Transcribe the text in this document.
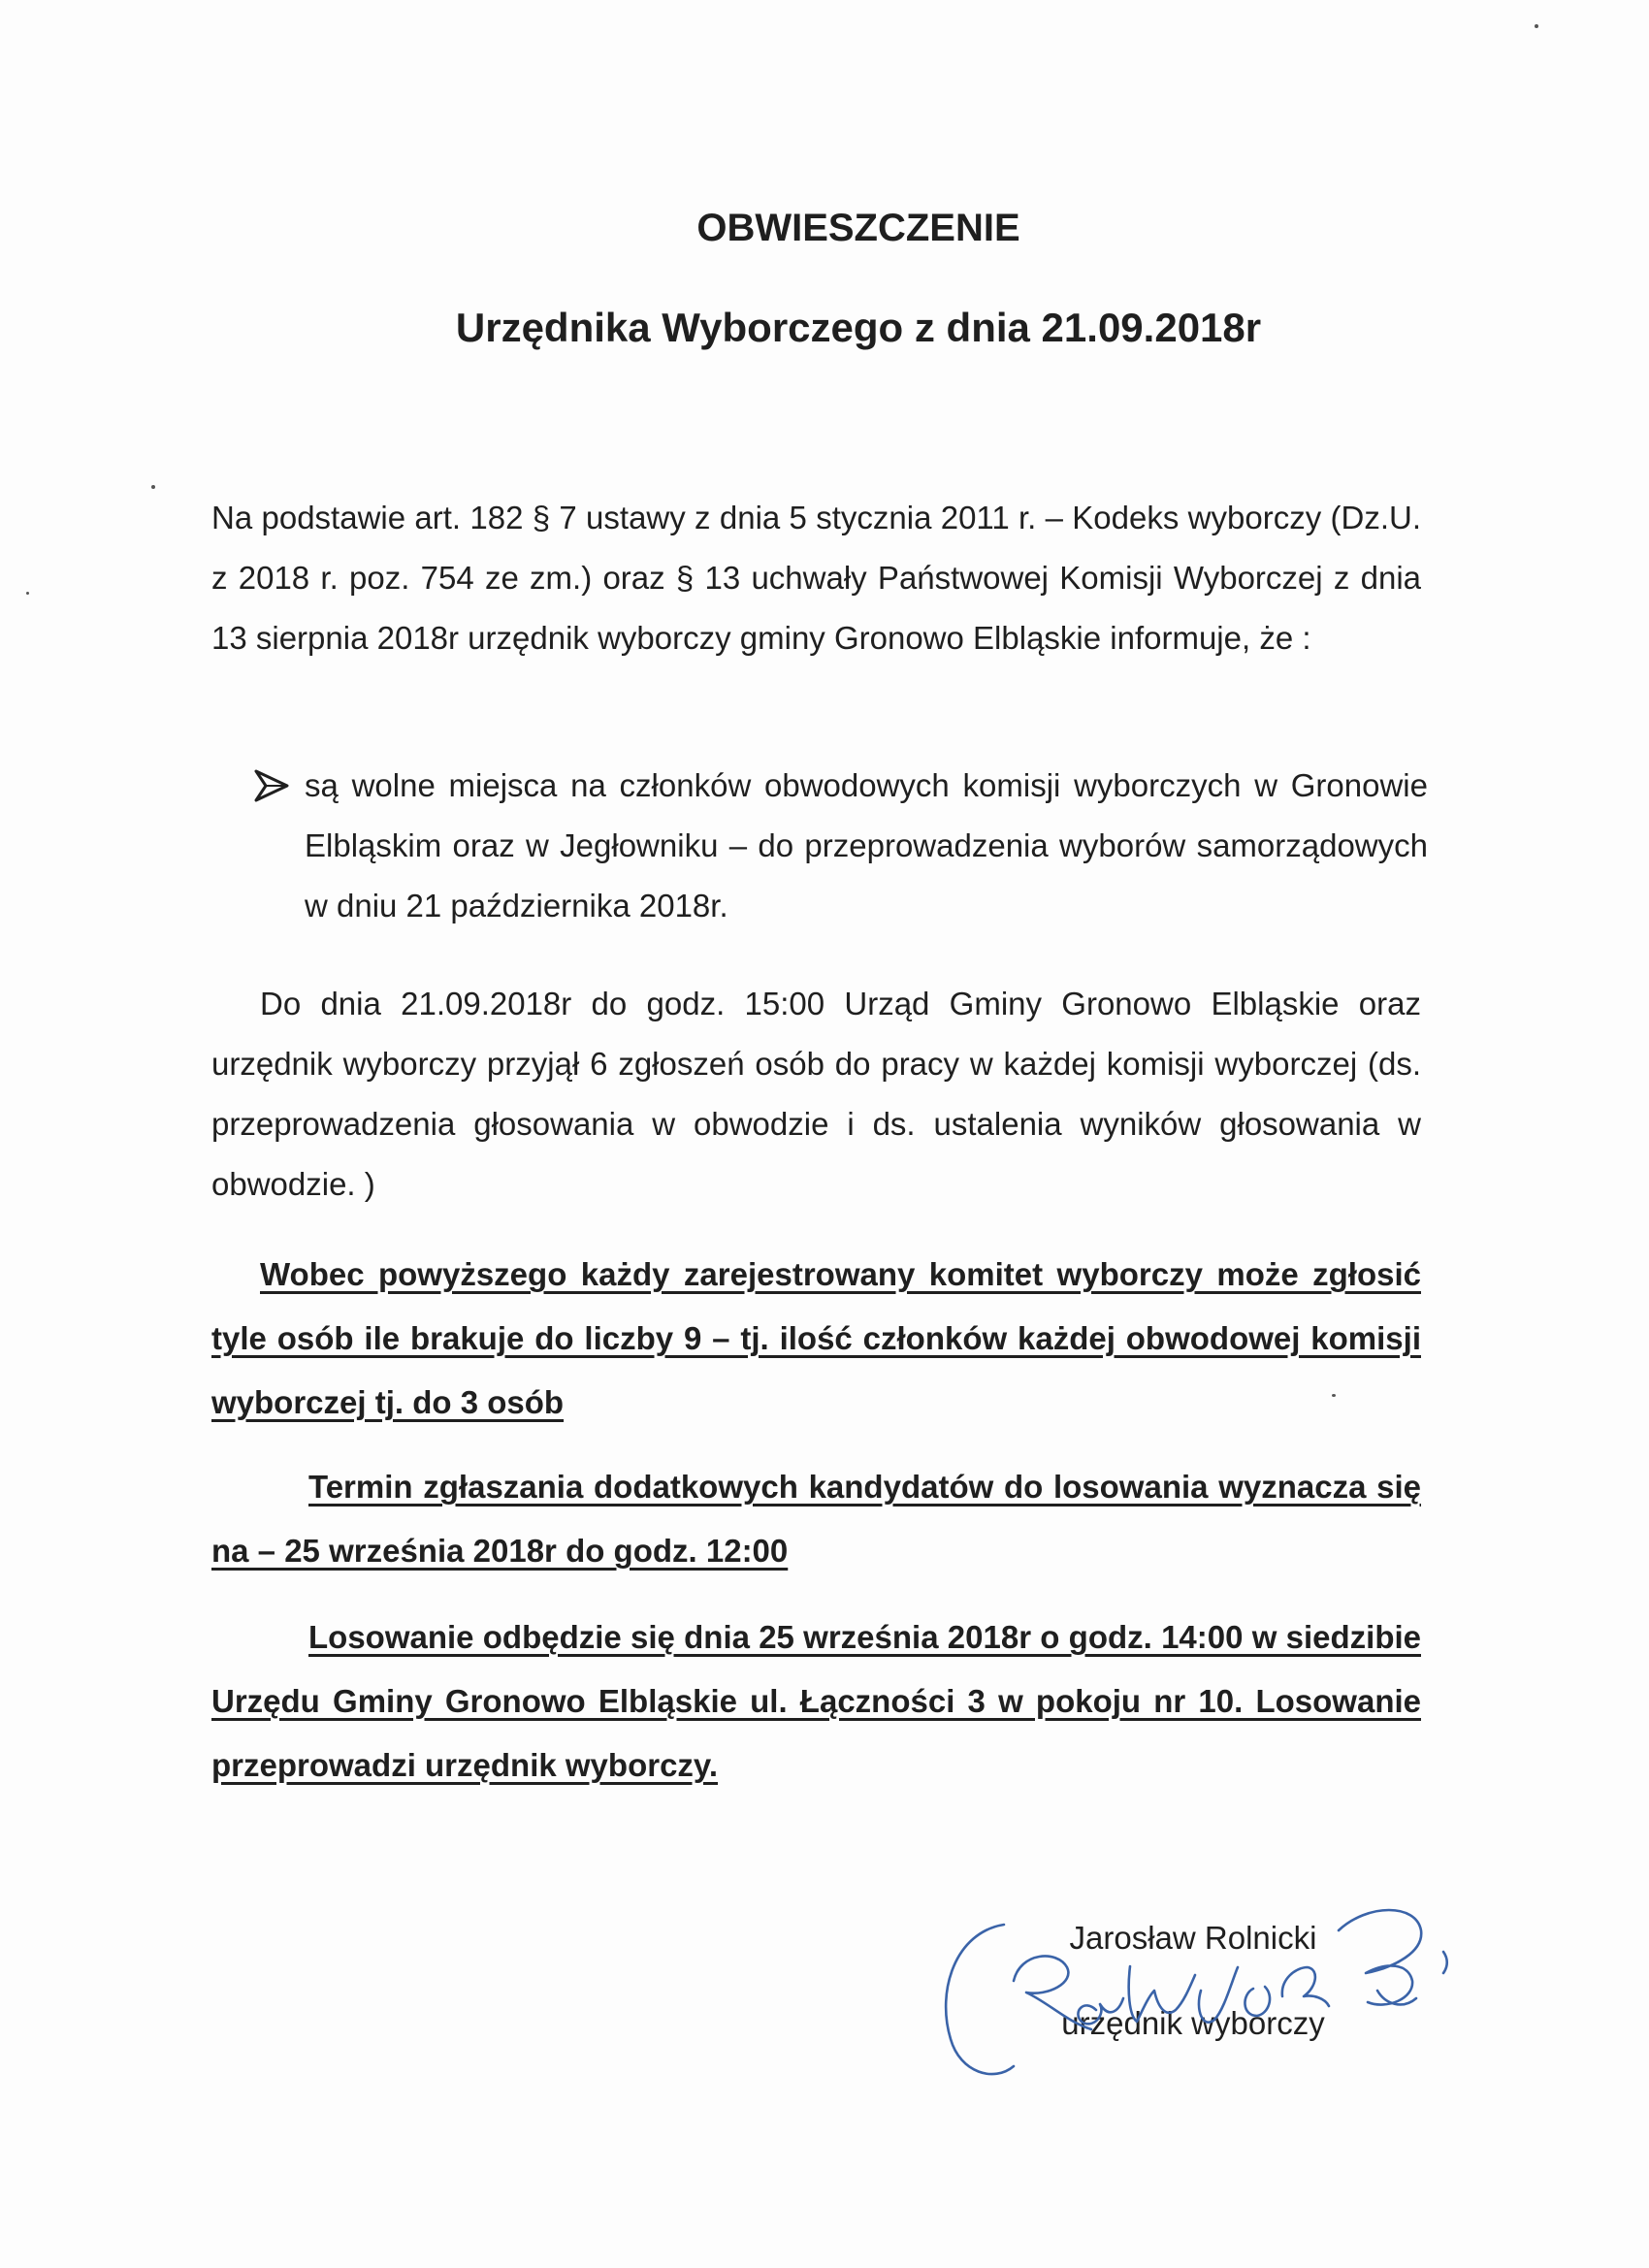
OBWIESZCZENIE
Urzędnika Wyborczego z dnia 21.09.2018r

Na podstawie art. 182 § 7 ustawy z dnia 5 stycznia 2011 r. – Kodeks wyborczy (Dz.U. z 2018 r. poz. 754 ze zm.) oraz § 13 uchwały Państwowej Komisji Wyborczej z dnia 13 sierpnia 2018r urzędnik wyborczy gminy Gronowo Elbląskie informuje, że :

są wolne miejsca na członków obwodowych komisji wyborczych w Gronowie Elbląskim oraz w Jegłowniku – do przeprowadzenia wyborów samorządowych w dniu 21 października 2018r.

Do dnia 21.09.2018r do godz. 15:00 Urząd Gminy Gronowo Elbląskie oraz urzędnik wyborczy przyjął 6 zgłoszeń osób do pracy w każdej komisji wyborczej (ds. przeprowadzenia głosowania w obwodzie i ds. ustalenia wyników głosowania w obwodzie. )

Wobec powyższego każdy zarejestrowany komitet wyborczy może zgłosić tyle osób ile brakuje do liczby 9 – tj. ilość członków każdej obwodowej komisji wyborczej tj. do 3 osób

Termin zgłaszania dodatkowych kandydatów do losowania wyznacza się na – 25 września 2018r do godz. 12:00

Losowanie odbędzie się dnia 25 września 2018r o godz. 14:00 w siedzibie Urzędu Gminy Gronowo Elbląskie ul. Łączności 3 w pokoju nr 10. Losowanie przeprowadzi urzędnik wyborczy.

Jarosław Rolnicki
urzędnik wyborczy
